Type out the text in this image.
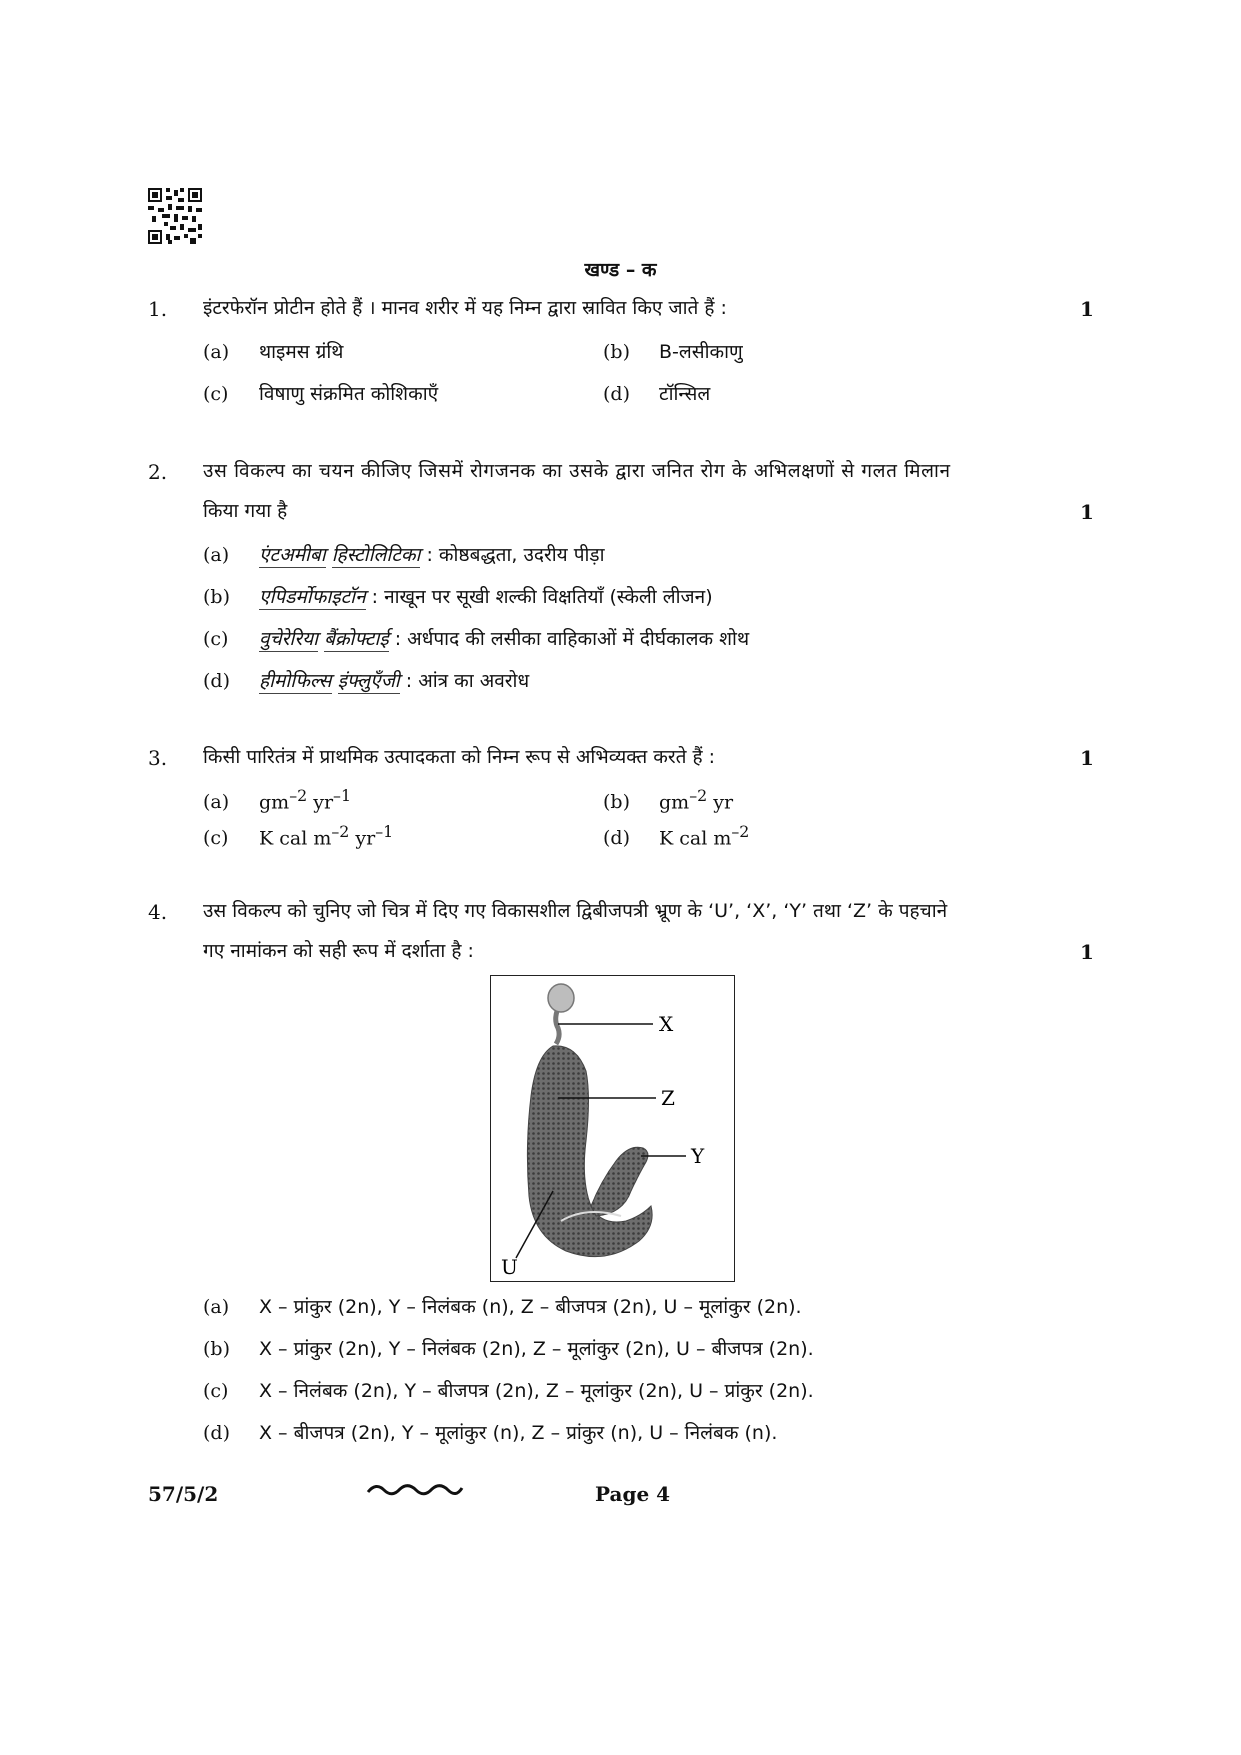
खण्ड – क
1. इंटरफेरॉन प्रोटीन होते हैं । मानव शरीर में यह निम्न द्वारा स्रावित किए जाते हैं :	1
(a) थाइमस ग्रंथि	(b) B-लसीकाणु
(c) विषाणु संक्रमित कोशिकाएँ	(d) टॉन्सिल
2. उस विकल्प का चयन कीजिए जिसमें रोगजनक का उसके द्वारा जनित रोग के अभिलक्षणों से गलत मिलान
किया गया है	1
(a) एंटअमीबा हिस्टोलिटिका : कोष्ठबद्धता, उदरीय पीड़ा
(b) एपिडर्मोफाइटॉन : नाखून पर सूखी शल्की विक्षतियाँ (स्केली लीजन)
(c) वुचेरेरिया बैंक्रोफ्टाई : अर्धपाद की लसीका वाहिकाओं में दीर्घकालक शोथ
(d) हीमोफिल्स इंफ्लुएँजी : आंत्र का अवरोध
3. किसी पारितंत्र में प्राथमिक उत्पादकता को निम्न रूप से अभिव्यक्त करते हैं :	1
(a) $gm^{-2}$ $yr^{-1}$	(b) $gm^{-2}$ yr
(c) K cal $m^{-2}$ $yr^{-1}$	(d) K cal $m^{-2}$
4. उस विकल्प को चुनिए जो चित्र में दिए गए विकासशील द्विबीजपत्री भ्रूण के ‘U’, ‘X’, ‘Y’ तथा ‘Z’ के पहचाने
गए नामांकन को सही रूप में दर्शाता है :	1
X
Z
Y
U
(a) X – प्रांकुर (2n), Y – निलंबक (n), Z – बीजपत्र (2n), U – मूलांकुर (2n).
(b) X – प्रांकुर (2n), Y – निलंबक (2n), Z – मूलांकुर (2n), U – बीजपत्र (2n).
(c) X – निलंबक (2n), Y – बीजपत्र (2n), Z – मूलांकुर (2n), U – प्रांकुर (2n).
(d) X – बीजपत्र (2n), Y – मूलांकुर (n), Z – प्रांकुर (n), U – निलंबक (n).
57/5/2	Page 4
